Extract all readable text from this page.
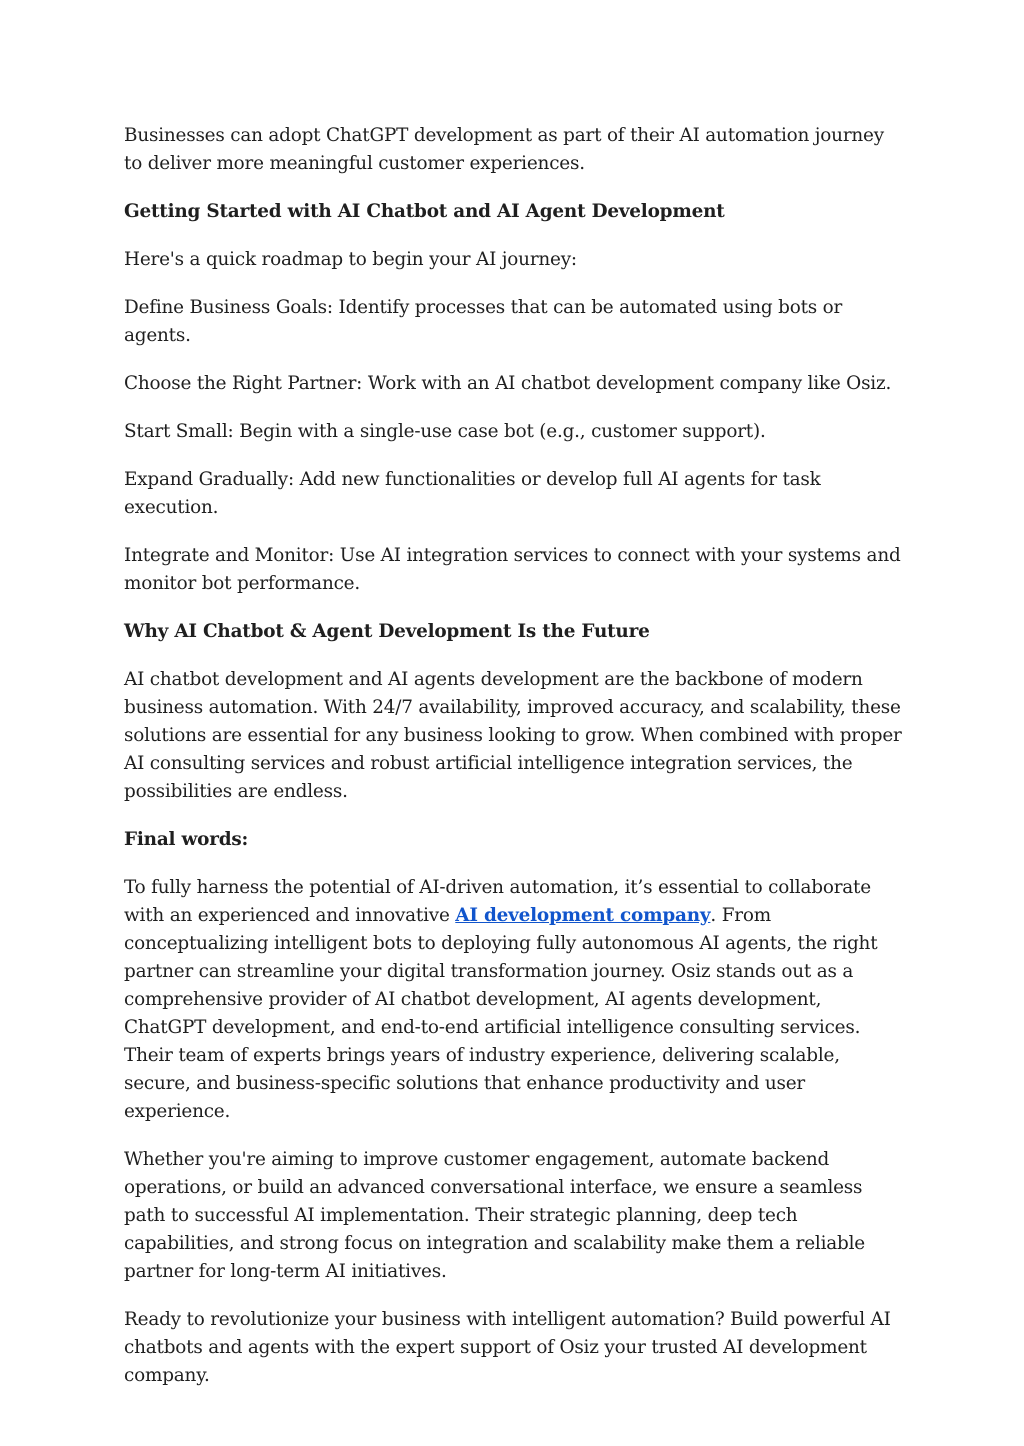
Businesses can adopt ChatGPT development as part of their AI automation journey to deliver more meaningful customer experiences.

Getting Started with AI Chatbot and AI Agent Development

Here's a quick roadmap to begin your AI journey:

Define Business Goals: Identify processes that can be automated using bots or agents.

Choose the Right Partner: Work with an AI chatbot development company like Osiz.

Start Small: Begin with a single-use case bot (e.g., customer support).

Expand Gradually: Add new functionalities or develop full AI agents for task execution.

Integrate and Monitor: Use AI integration services to connect with your systems and monitor bot performance.

Why AI Chatbot & Agent Development Is the Future

AI chatbot development and AI agents development are the backbone of modern business automation. With 24/7 availability, improved accuracy, and scalability, these solutions are essential for any business looking to grow. When combined with proper AI consulting services and robust artificial intelligence integration services, the possibilities are endless.

Final words:

To fully harness the potential of AI-driven automation, it’s essential to collaborate with an experienced and innovative AI development company. From conceptualizing intelligent bots to deploying fully autonomous AI agents, the right partner can streamline your digital transformation journey. Osiz stands out as a comprehensive provider of AI chatbot development, AI agents development, ChatGPT development, and end-to-end artificial intelligence consulting services. Their team of experts brings years of industry experience, delivering scalable, secure, and business-specific solutions that enhance productivity and user experience.

Whether you're aiming to improve customer engagement, automate backend operations, or build an advanced conversational interface, we ensure a seamless path to successful AI implementation. Their strategic planning, deep tech capabilities, and strong focus on integration and scalability make them a reliable partner for long-term AI initiatives.

Ready to revolutionize your business with intelligent automation? Build powerful AI chatbots and agents with the expert support of Osiz your trusted AI development company.
